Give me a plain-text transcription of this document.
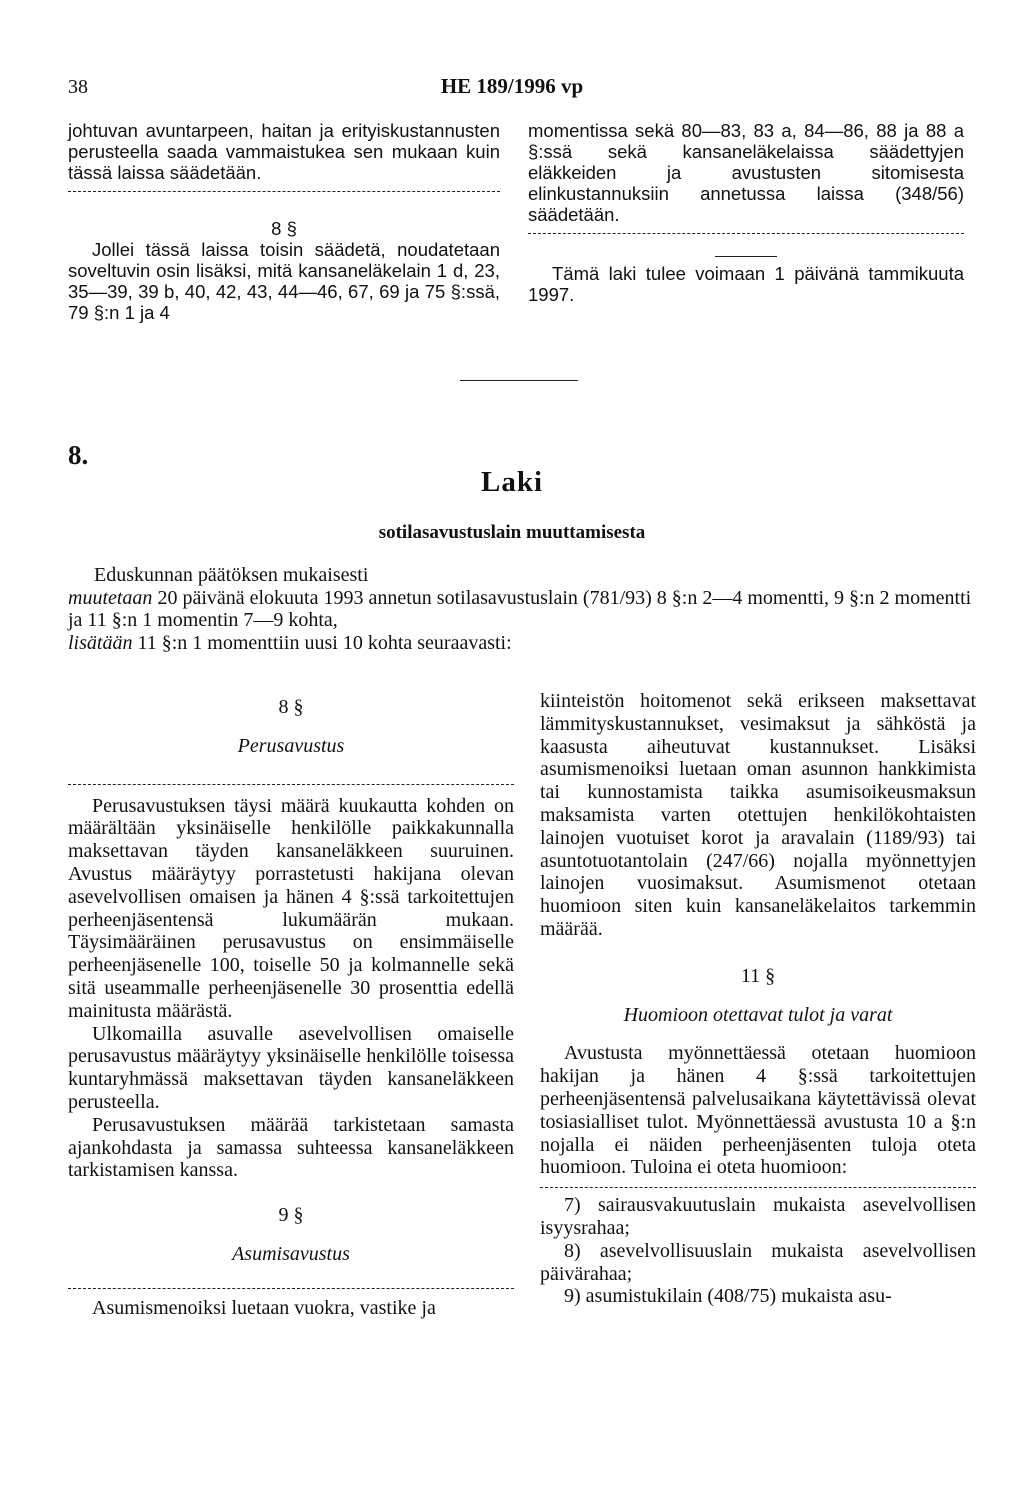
38	HE 189/1996 vp

johtuvan avuntarpeen, haitan ja erityiskustannusten perusteella saada vammaistukea sen mukaan kuin tässä laissa säädetään.

8 §

Jollei tässä laissa toisin säädetä, noudatetaan soveltuvin osin lisäksi, mitä kansaneläkelain 1 d, 23, 35—39, 39 b, 40, 42, 43, 44—46, 67, 69 ja 75 §:ssä, 79 §:n 1 ja 4

momentissa sekä 80—83, 83 a, 84—86, 88 ja 88 a §:ssä sekä kansaneläkelaissa säädettyjen eläkkeiden ja avustusten sitomisesta elinkustannuksiin annetussa laissa (348/56) säädetään.

Tämä laki tulee voimaan 1 päivänä tammikuuta 1997.

8.
Laki
sotilasavustuslain muuttamisesta

Eduskunnan päätöksen mukaisesti

muutetaan 20 päivänä elokuuta 1993 annetun sotilasavustuslain (781/93) 8 §:n 2—4 momentti, 9 §:n 2 momentti ja 11 §:n 1 momentin 7—9 kohta,

lisätään 11 §:n 1 momenttiin uusi 10 kohta seuraavasti:

8 §

Perusavustus

Perusavustuksen täysi määrä kuukautta kohden on määrältään yksinäiselle henkilölle paikkakunnalla maksettavan täyden kansaneläkkeen suuruinen. Avustus määräytyy porrastetusti hakijana olevan asevelvollisen omaisen ja hänen 4 §:ssä tarkoitettujen perheenjäsentensä lukumäärän mukaan. Täysimääräinen perusavustus on ensimmäiselle perheenjäsenelle 100, toiselle 50 ja kolmannelle sekä sitä useammalle perheenjäsenelle 30 prosenttia edellä mainitusta määrästä.

Ulkomailla asuvalle asevelvollisen omaiselle perusavustus määräytyy yksinäiselle henkilölle toisessa kuntaryhmässä maksettavan täyden kansaneläkkeen perusteella.

Perusavustuksen määrää tarkistetaan samasta ajankohdasta ja samassa suhteessa kansaneläkkeen tarkistamisen kanssa.

9 §

Asumisavustus

Asumismenoiksi luetaan vuokra, vastike ja

kiinteistön hoitomenot sekä erikseen maksettavat lämmityskustannukset, vesimaksut ja sähköstä ja kaasusta aiheutuvat kustannukset. Lisäksi asumismenoiksi luetaan oman asunnon hankkimista tai kunnostamista taikka asumisoikeusmaksun maksamista varten otettujen henkilökohtaisten lainojen vuotuiset korot ja aravalain (1189/93) tai asuntotuotantolain (247/66) nojalla myönnettyjen lainojen vuosimaksut. Asumismenot otetaan huomioon siten kuin kansaneläkelaitos tarkemmin määrää.

11 §

Huomioon otettavat tulot ja varat

Avustusta myönnettäessä otetaan huomioon hakijan ja hänen 4 §:ssä tarkoitettujen perheenjäsentensä palvelusaikana käytettävissä olevat tosiasialliset tulot. Myönnettäessä avustusta 10 a §:n nojalla ei näiden perheenjäsenten tuloja oteta huomioon. Tuloina ei oteta huomioon:

7) sairausvakuutuslain mukaista asevelvollisen isyysrahaa;

8) asevelvollisuuslain mukaista asevelvollisen päivärahaa;

9) asumistukilain (408/75) mukaista asu-
